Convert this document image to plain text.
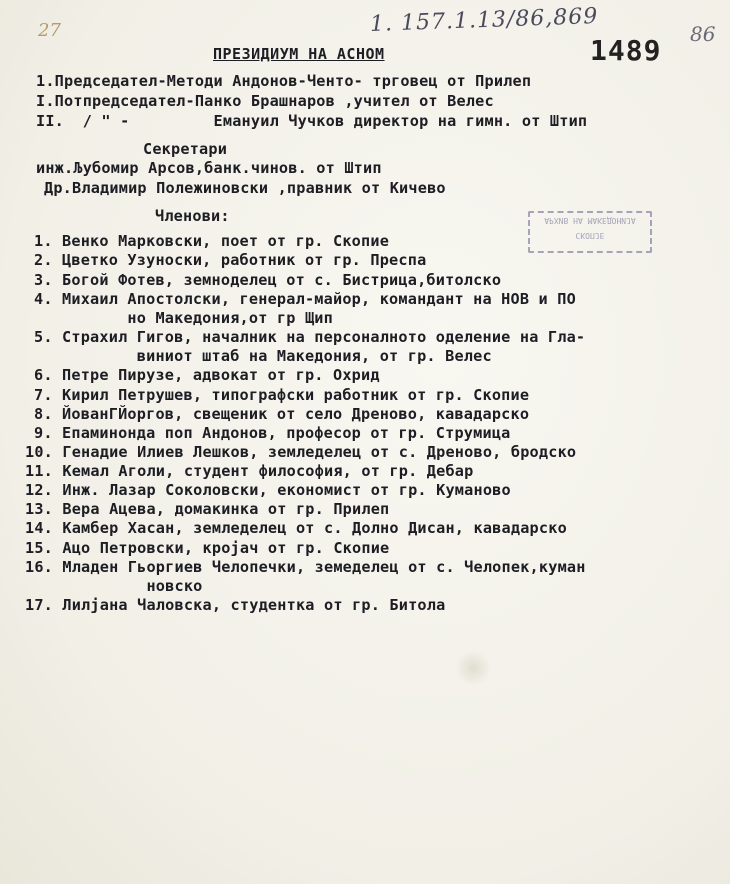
27	1. 157.1.13/86,869	86
1489
ПРЕЗИДИУМ НА АСНОМ
1.Председател-Методи Андонов-Ченто- трговец от Прилеп
I.Потпредседател-Панко Брашнаров ,учител от Велес
II.  / " -         Емануил Чучков директор на гимн. от Штип
Секретари
инж.Љубомир Арсов,банк.чинов. от Штип
Др.Владимир Полежиновски ,правник от Кичево
Членови:	АРХИВ НА МАКЕДОНИЈА
СКОПЈЕ
1. Венко Марковски, поет от гр. Скопие
2. Цветко Узуноски, работник от гр. Преспа
3. Богой Фотев, земноделец от с. Бистрица,битолско
4. Михаил Апостолски, генерал-майор, командант на НОВ и ПО
но Македония,от гр Щип
5. Страхил Гигов, началник на персоналното оделение на Гла-
виниот штаб на Македония, от гр. Велес
6. Петре Пирузе, адвокат от гр. Охрид
7. Кирил Петрушев, типографски работник от гр. Скопие
8. ЙованГЙоргов, свещеник от село Дреново, кавадарско
9. Епаминонда поп Андонов, професор от гр. Струмица
10. Генадие Илиев Лешков, земледелец от с. Дреново, бродско
11. Кемал Аголи, студент философия, от гр. Дебар
12. Инж. Лазар Соколовски, економист от гр. Куманово
13. Вера Ацева, домакинка от гр. Прилеп
14. Камбер Хасан, земледелец от с. Долно Дисан, кавадарско
15. Ацо Петровски, кројач от гр. Скопие
16. Младен Гьоргиев Челопечки, земеделец от с. Челопек,куман
новско
17. Лилјана Чаловска, студентка от гр. Битола
